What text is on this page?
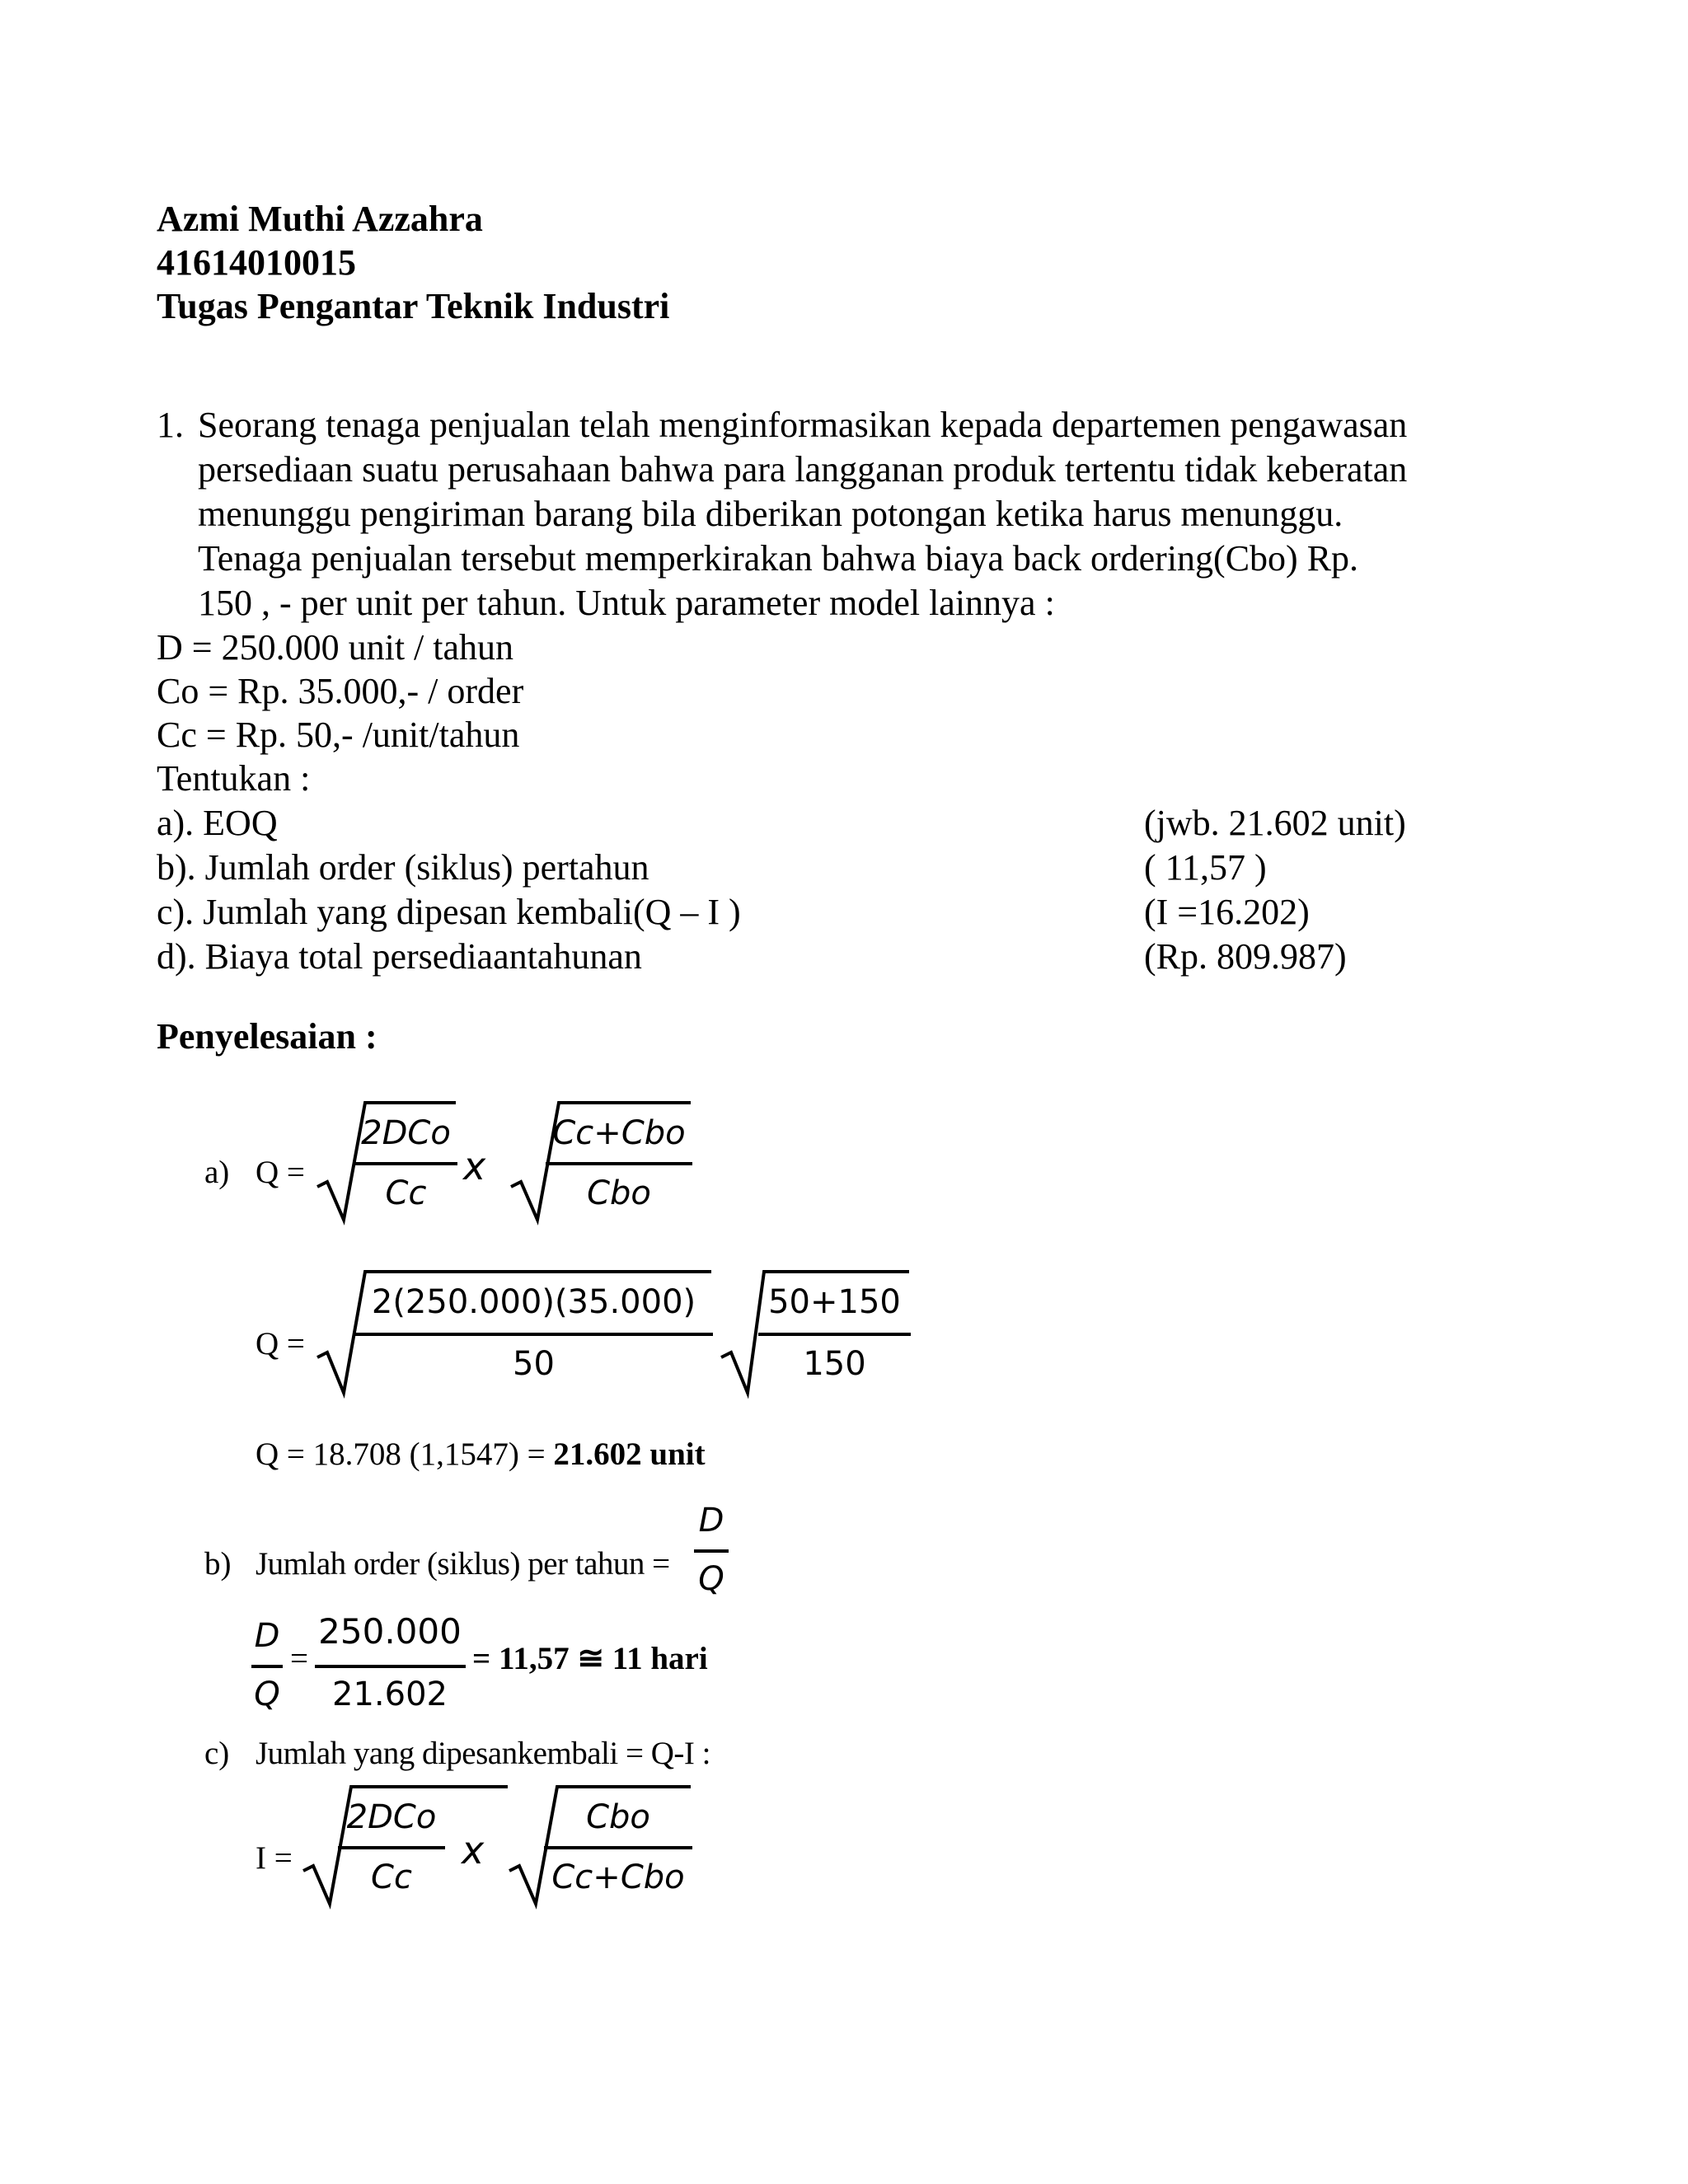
Azmi Muthi Azzahra
41614010015
Tugas Pengantar Teknik Industri
1. Seorang tenaga penjualan telah menginformasikan kepada departemen pengawasan
persediaan suatu perusahaan bahwa para langganan produk tertentu tidak keberatan
menunggu pengiriman barang bila diberikan potongan ketika harus menunggu.
Tenaga penjualan tersebut memperkirakan bahwa biaya back ordering(Cbo) Rp.
150 , - per unit per tahun. Untuk parameter model lainnya :
D = 250.000 unit / tahun
Co = Rp. 35.000,- / order
Cc = Rp. 50,- /unit/tahun
Tentukan :
a). EOQ	(jwb. 21.602 unit)
b). Jumlah order (siklus) pertahun	( 11,57 )
c). Jumlah yang dipesan kembali(Q – I )	(I =16.202)
d). Biaya total persediaantahunan	(Rp. 809.987)
Penyelesaian :
a) Q =
2DCo
Cc
x
Cc+Cbo
Cbo
Q =
2(250.000)(35.000)
50
50+150
150
Q = 18.708 (1,1547) = 21.602 unit
b) Jumlah order (siklus) per tahun =
D
Q
D
Q
=
250.000
21.602
= 11,57 ≅ 11 hari
c) Jumlah yang dipesankembali = Q-I :
I =
2DCo
Cc
x
Cbo
Cc+Cbo
